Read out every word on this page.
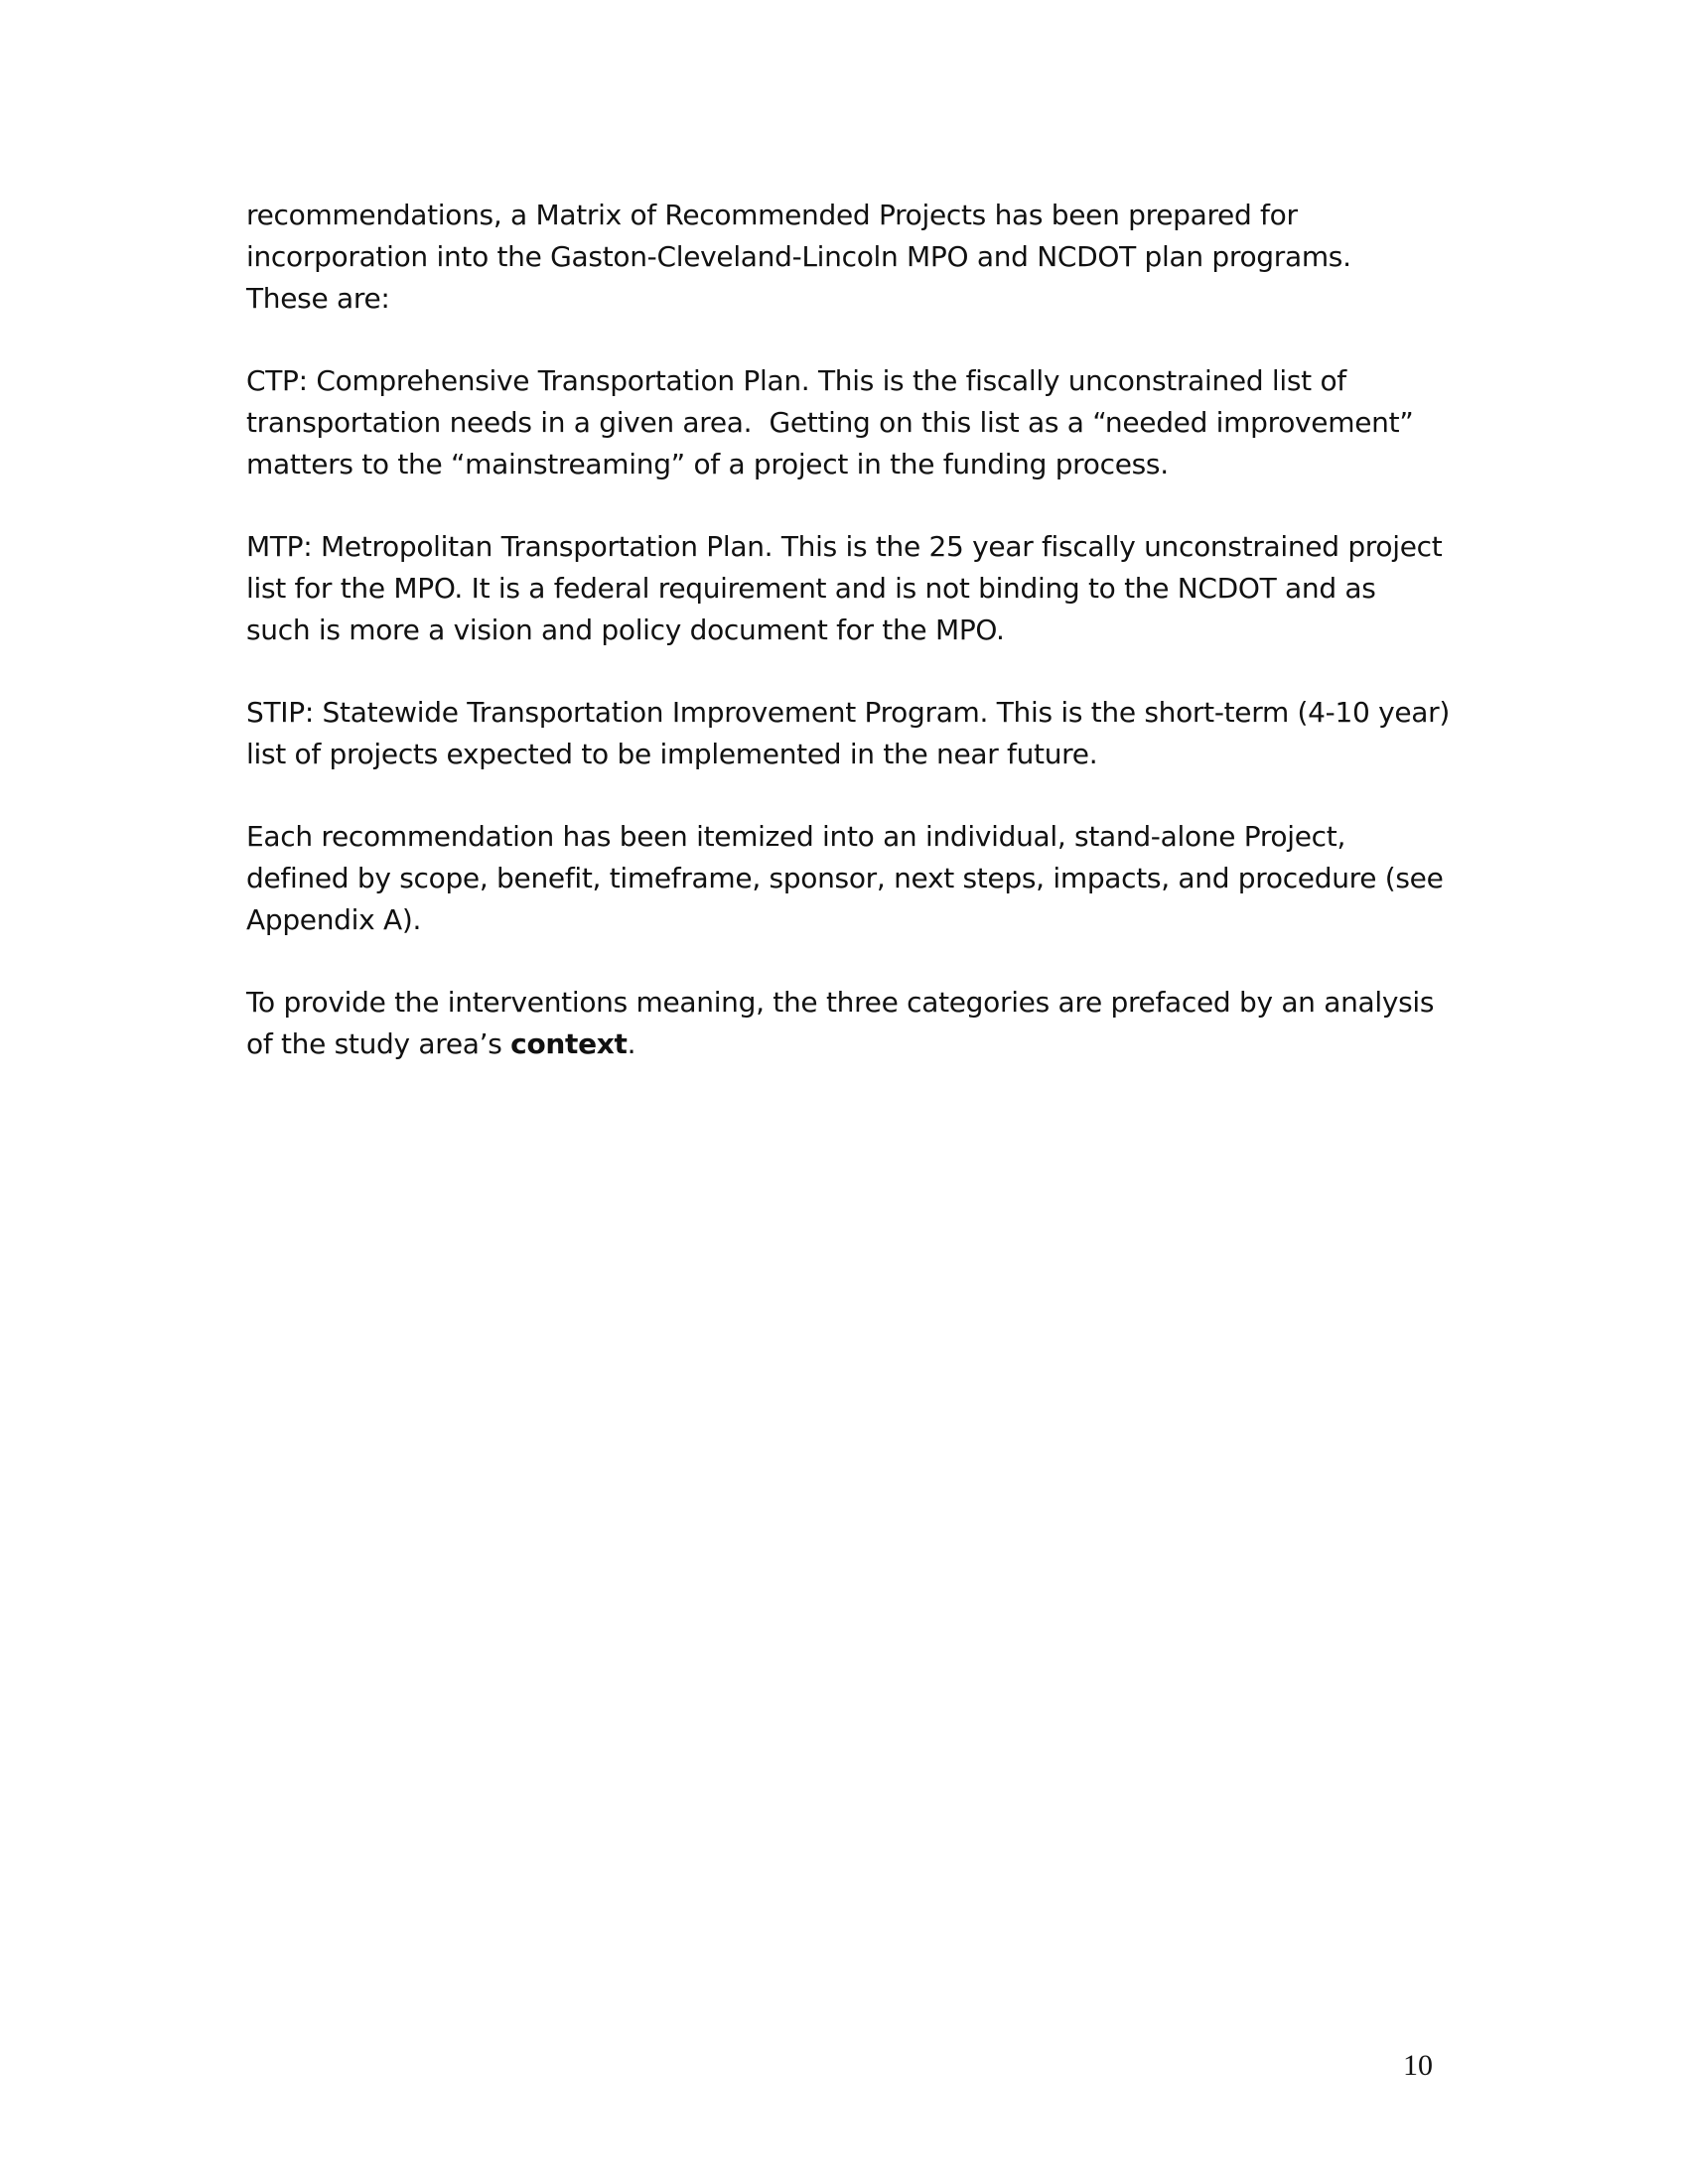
recommendations, a Matrix of Recommended Projects has been prepared for
incorporation into the Gaston-Cleveland-Lincoln MPO and NCDOT plan programs.
These are:

CTP: Comprehensive Transportation Plan. This is the fiscally unconstrained list of
transportation needs in a given area.  Getting on this list as a “needed improvement”
matters to the “mainstreaming” of a project in the funding process.

MTP: Metropolitan Transportation Plan. This is the 25 year fiscally unconstrained project
list for the MPO. It is a federal requirement and is not binding to the NCDOT and as
such is more a vision and policy document for the MPO.

STIP: Statewide Transportation Improvement Program. This is the short-term (4-10 year)
list of projects expected to be implemented in the near future.

Each recommendation has been itemized into an individual, stand-alone Project,
defined by scope, benefit, timeframe, sponsor, next steps, impacts, and procedure (see
Appendix A).

To provide the interventions meaning, the three categories are prefaced by an analysis
of the study area’s context.

10
